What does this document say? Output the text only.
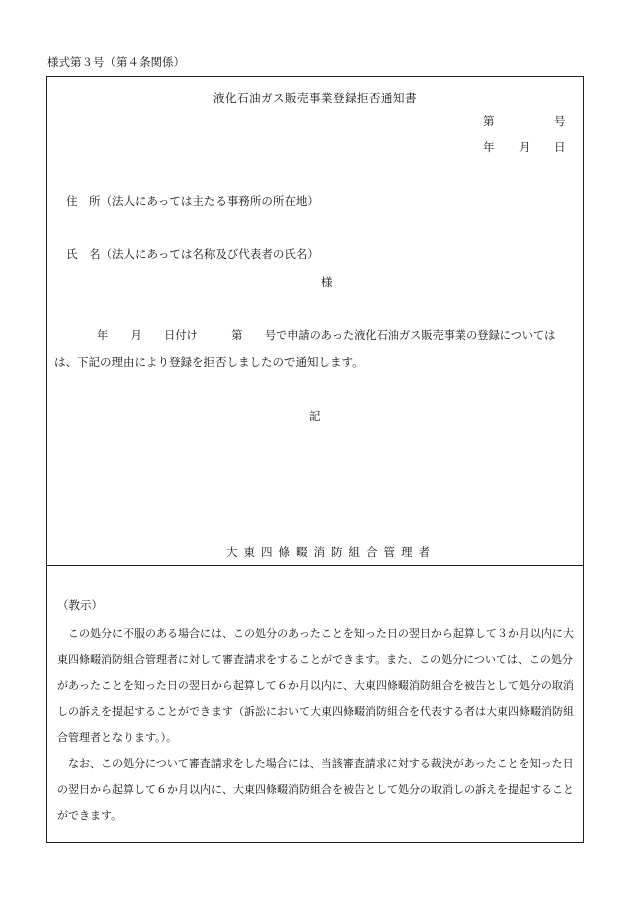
様式第３号（第４条関係）
液化石油ガス販売事業登録拒否通知書
第	号
年 月 日
住　所（法人にあっては主たる事務所の所在地）
氏　名（法人にあっては名称及び代表者の氏名）
様
年　　月　　日付け　　　第　　号で申請のあった液化石油ガス販売事業の登録については
は、下記の理由により登録を拒否しましたので通知します。
記
大東四條畷消防組合管理者
（教示）
この処分に不服のある場合には、この処分のあったことを知った日の翌日から起算して３か月以内に大東四條畷消防組合管理者に対して審査請求をすることができます。また、この処分については、この処分があったことを知った日の翌日から起算して６か月以内に、大東四條畷消防組合を被告として処分の取消しの訴えを提起することができます（訴訟において大東四條畷消防組合を代表する者は大東四條畷消防組合管理者となります。）。
なお、この処分について審査請求をした場合には、当該審査請求に対する裁決があったことを知った日の翌日から起算して６か月以内に、大東四條畷消防組合を被告として処分の取消しの訴えを提起することができます。
